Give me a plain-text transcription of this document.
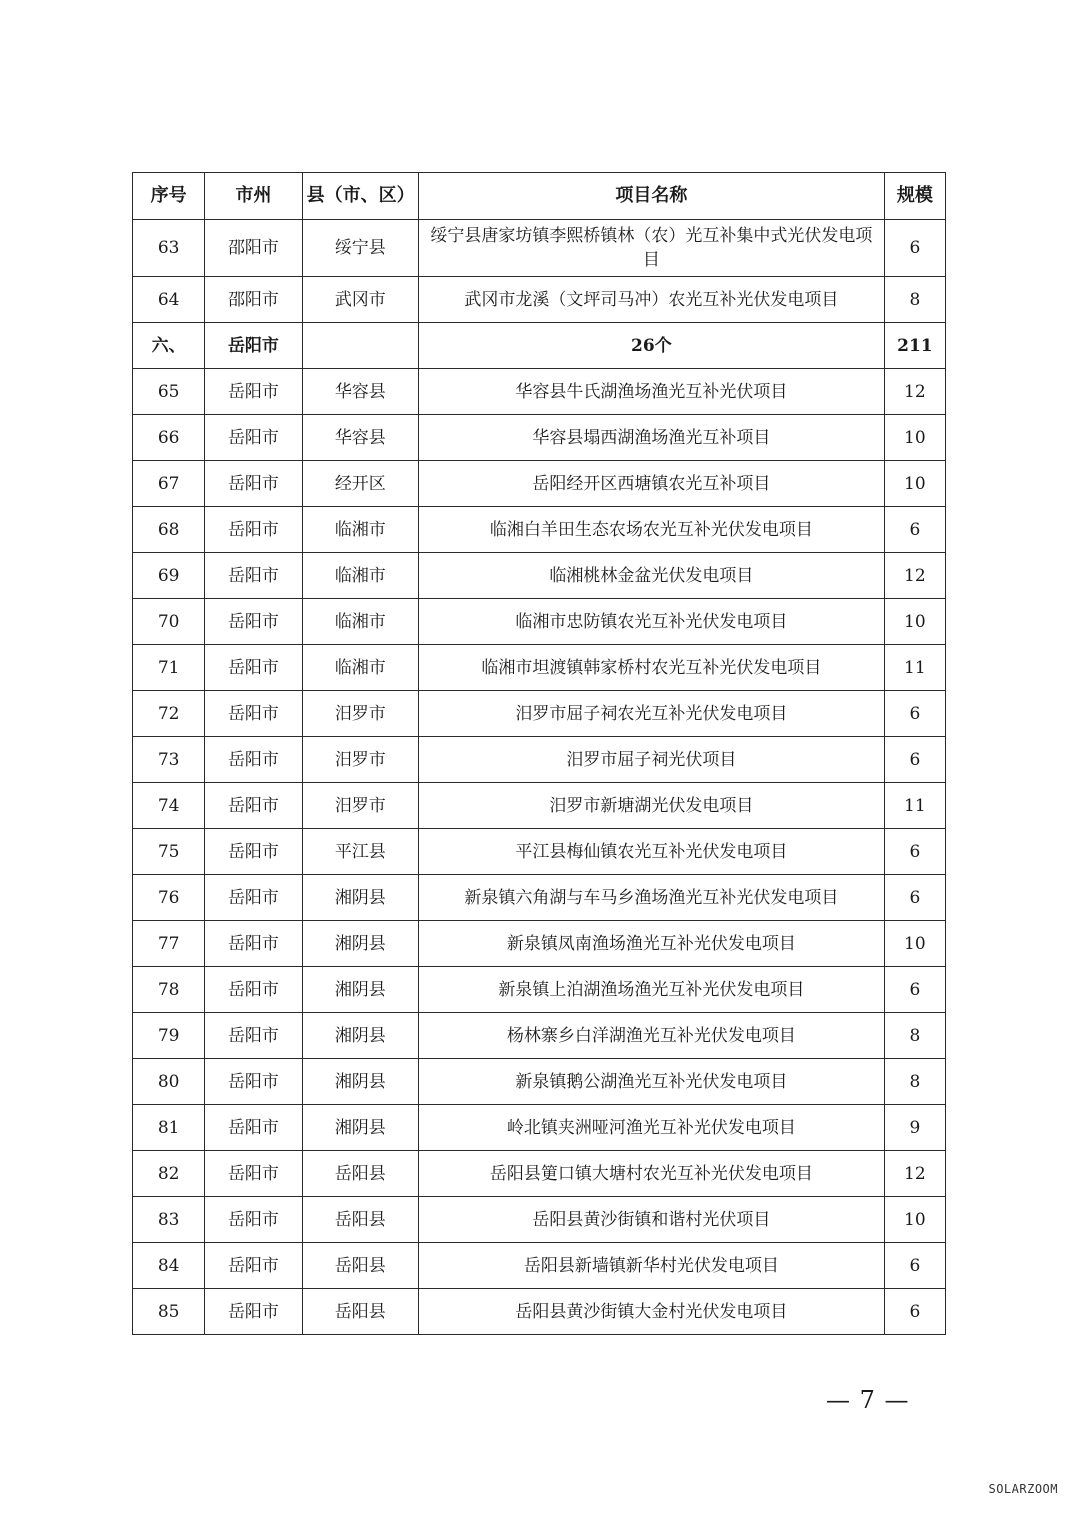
序号	市州	县（市、区）	项目名称	规模
63	邵阳市	绥宁县	绥宁县唐家坊镇李熙桥镇林（农）光互补集中式光伏发电项目	6
64	邵阳市	武冈市	武冈市龙溪（文坪司马冲）农光互补光伏发电项目	8
六、	岳阳市		26个	211
65	岳阳市	华容县	华容县牛氏湖渔场渔光互补光伏项目	12
66	岳阳市	华容县	华容县塌西湖渔场渔光互补项目	10
67	岳阳市	经开区	岳阳经开区西塘镇农光互补项目	10
68	岳阳市	临湘市	临湘白羊田生态农场农光互补光伏发电项目	6
69	岳阳市	临湘市	临湘桃林金盆光伏发电项目	12
70	岳阳市	临湘市	临湘市忠防镇农光互补光伏发电项目	10
71	岳阳市	临湘市	临湘市坦渡镇韩家桥村农光互补光伏发电项目	11
72	岳阳市	汨罗市	汨罗市屈子祠农光互补光伏发电项目	6
73	岳阳市	汨罗市	汨罗市屈子祠光伏项目	6
74	岳阳市	汨罗市	汨罗市新塘湖光伏发电项目	11
75	岳阳市	平江县	平江县梅仙镇农光互补光伏发电项目	6
76	岳阳市	湘阴县	新泉镇六角湖与车马乡渔场渔光互补光伏发电项目	6
77	岳阳市	湘阴县	新泉镇凤南渔场渔光互补光伏发电项目	10
78	岳阳市	湘阴县	新泉镇上泊湖渔场渔光互补光伏发电项目	6
79	岳阳市	湘阴县	杨林寨乡白洋湖渔光互补光伏发电项目	8
80	岳阳市	湘阴县	新泉镇鹅公湖渔光互补光伏发电项目	8
81	岳阳市	湘阴县	岭北镇夹洲哑河渔光互补光伏发电项目	9
82	岳阳市	岳阳县	岳阳县筻口镇大塘村农光互补光伏发电项目	12
83	岳阳市	岳阳县	岳阳县黄沙街镇和谐村光伏项目	10
84	岳阳市	岳阳县	岳阳县新墙镇新华村光伏发电项目	6
85	岳阳市	岳阳县	岳阳县黄沙街镇大金村光伏发电项目	6
— 7 —
SOLARZOOM
